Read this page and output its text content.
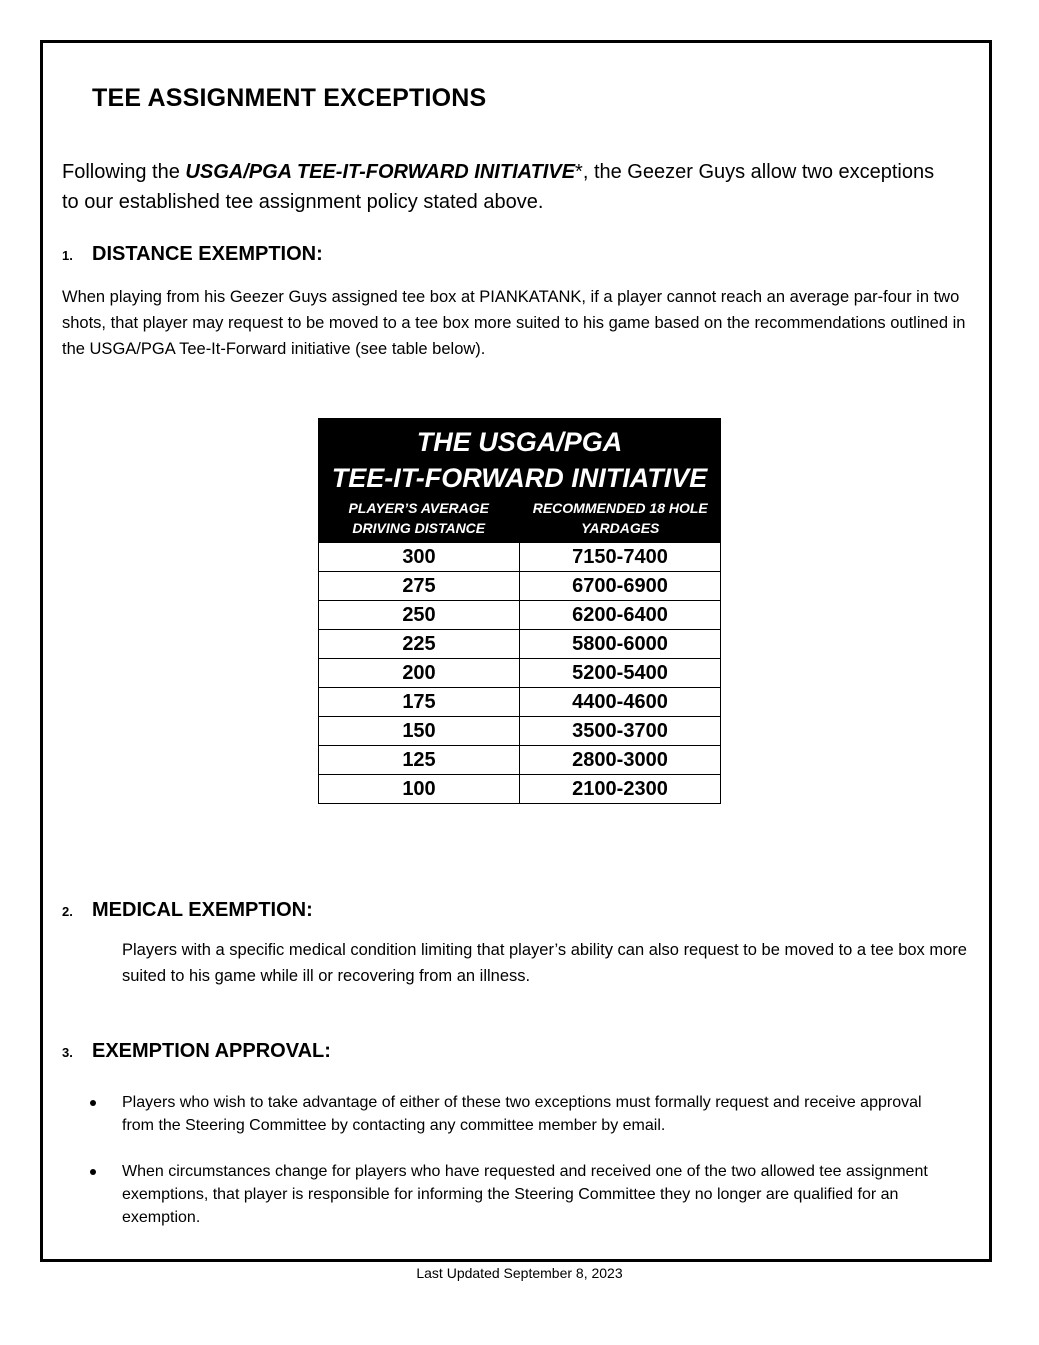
TEE ASSIGNMENT EXCEPTIONS

Following the USGA/PGA TEE-IT-FORWARD INITIATIVE*, the Geezer Guys allow two exceptions to our established tee assignment policy stated above.

1. DISTANCE EXEMPTION:

When playing from his Geezer Guys assigned tee box at PIANKATANK, if a player cannot reach an average par-four in two shots, that player may request to be moved to a tee box more suited to his game based on the recommendations outlined in the USGA/PGA Tee-It-Forward initiative (see table below).

THE USGA/PGA
TEE-IT-FORWARD INITIATIVE
PLAYER’S AVERAGE DRIVING DISTANCE
RECOMMENDED 18 HOLE YARDAGES
300	7150-7400
275	6700-6900
250	6200-6400
225	5800-6000
200	5200-5400
175	4400-4600
150	3500-3700
125	2800-3000
100	2100-2300
2. MEDICAL EXEMPTION:

Players with a specific medical condition limiting that player’s ability can also request to be moved to a tee box more suited to his game while ill or recovering from an illness.

3. EXEMPTION APPROVAL:
Players who wish to take advantage of either of these two exceptions must formally request and receive approval from the Steering Committee by contacting any committee member by email.
When circumstances change for players who have requested and received one of the two allowed tee assignment exemptions, that player is responsible for informing the Steering Committee they no longer are qualified for an exemption.
Last Updated September 8, 2023
